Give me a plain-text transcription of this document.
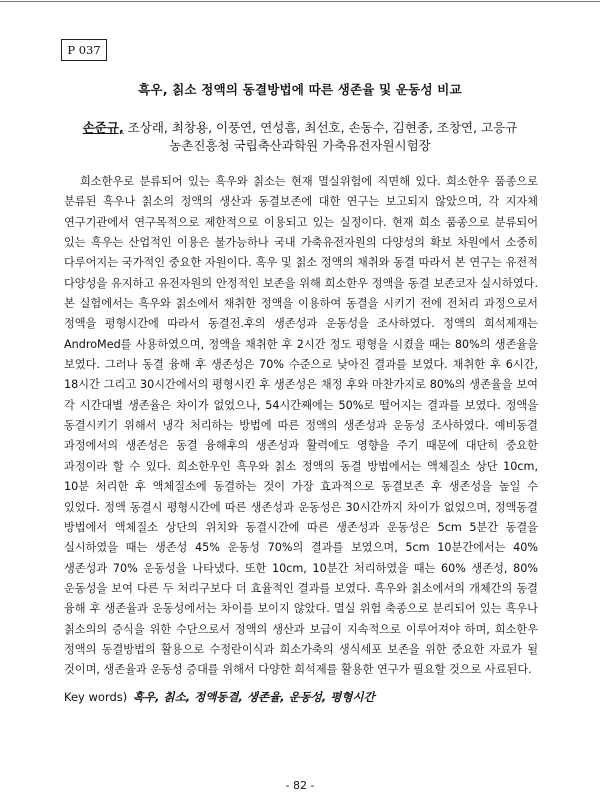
P 037
흑우, 칡소 정액의 동결방법에 따른 생존율 및 운동성 비교
손준규, 조상래, 최창용, 이풍연, 연성흠, 최선호, 손동수, 김현종, 조창연, 고응규
농촌진흥청 국립축산과학원 가축유전자원시험장

희소한우로 분류되어 있는 흑우와 칡소는 현재 멸실위험에 직면해 있다. 희소한우 품종으로 분류된 흑우나 칡소의 정액의 생산과 동결보존에 대한 연구는 보고되지 않았으며, 각 지자체 연구기관에서 연구목적으로 제한적으로 이용되고 있는 실정이다. 현재 희소 품종으로 분류되어 있는 흑우는 산업적인 이용은 불가능하나 국내 가축유전자원의 다양성의 확보 차원에서 소중히 다루어지는 국가적인 중요한 자원이다. 흑우 및 칡소 정액의 채취와 동결 따라서 본 연구는 유전적 다양성을 유지하고 유전자원의 안정적인 보존을 위해 희소한우 정액을 동결 보존코자 실시하였다. 본 실험에서는 흑우와 칡소에서 채취한 정액을 이용하여 동결을 시키기 전에 전처리 과정으로서 정액을 평형시간에 따라서 동결전.후의 생존성과 운동성을 조사하였다. 정액의 희석제재는 AndroMed를 사용하였으며, 정액을 채취한 후 2시간 정도 평형을 시켰을 때는 80%의 생존율을 보였다. 그러나 동결 융해 후 생존성은 70% 수준으로 낮아진 결과를 보였다. 채취한 후 6시간, 18시간 그리고 30시간에서의 평형시킨 후 생존성은 채정 후와 마찬가지로 80%의 생존율을 보여 각 시간대별 생존율은 차이가 없었으나, 54시간째에는 50%로 떨어지는 결과를 보였다. 정액을 동결시키기 위해서 냉각 처리하는 방법에 따른 정액의 생존성과 운동성 조사하였다. 예비동결 과정에서의 생존성은 동결 융해후의 생존성과 활력에도 영향을 주기 때문에 대단히 중요한 과정이라 할 수 있다. 희소한우인 흑우와 칡소 정액의 동결 방법에서는 액체질소 상단 10cm, 10분 처리한 후 액체질소에 동결하는 것이 가장 효과적으로 동결보존 후 생존성을 높일 수 있었다. 정액 동결시 평형시간에 따른 생존성과 운동성은 30시간까지 차이가 없었으며, 정액동결 방법에서 액체질소 상단의 위치와 동결시간에 따른 생존성과 운동성은 5cm 5분간 동결을 실시하였을 때는 생존성 45% 운동성 70%의 결과를 보였으며, 5cm 10분간에서는 40% 생존성과 70% 운동성을 나타냈다. 또한 10cm, 10분간 처리하였을 때는 60% 생존성, 80% 운동성을 보여 다른 두 처리구보다 더 효율적인 결과를 보였다. 흑우와 칡소에서의 개체간의 동결 융해 후 생존율과 운동성에서는 차이를 보이지 않았다. 멸실 위험 축종으로 분리되어 있는 흑우나 칡소의의 증식을 위한 수단으로서 정액의 생산과 보급이 지속적으로 이루어져야 하며, 희소한우 정액의 동결방법의 활용으로 수정란이식과 희소가축의 생식세포 보존을 위한 중요한 자료가 될 것이며, 생존율과 운동성 증대를 위해서 다양한 희석제를 활용한 연구가 필요할 것으로 사료된다.

Key words) 흑우, 칡소, 정액동결, 생존율, 운동성, 평형시간
- 82 -
